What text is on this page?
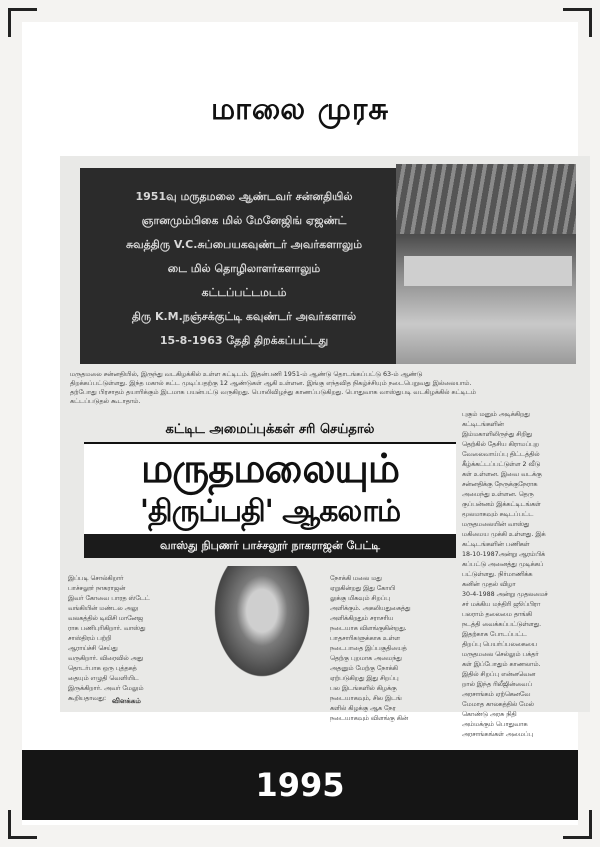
மாலை முரசு
1951வு மருதமலை ஆண்டவர் சன்னதியில்
ஞானமும்பிகை மில் மேனேஜிங் ஏஜண்ட்
சுவத்திரு V.C.சுப்பையகவுண்டர் அவர்களாலும்
டை மில் தொழிலாளர்களாலும்
கட்டப்பட்டமடம்
திரு K.M.நஞ்சக்குட்டி கவுண்டர் அவர்களால்
15-8-1963 தேதி திறக்கப்பட்டது
மருதமலை சன்னதியில், இருந்து வடகிழக்கில் உள்ள கட்டிடம். இதன்பணி 1951-ம் ஆண்டு தொடங்கப்பட்டு 63-ம் ஆண்டு திறக்கப்பட்டுள்ளது. இந்த மகால் கட்ட முடிப்பதற்கு 12 ஆண்டுகள் ஆகி உள்ளன. இங்கு எந்தவித நிகழ்ச்சியும் நடைபெறுவது இல்லையாம். தற்போது பிரசாதம் தயாரிக்கும் இடமாக பயன்பட்டு வருகிறது. பொலிவிழந்து காணப்படுகிறது. பொதுவாக வாஸ்துபடி வடகிழக்கில் கட்டிடம் கட்டப்படுதல் கூடாதாம்.
கட்டிட அமைப்புக்கள் சரி செய்தால்
மருதமலையும்
'திருப்பதி' ஆகலாம்
வாஸ்து நிபுணர் பாச்சலூர் நாகராஜன் பேட்டி
இப்படி சொல்கிறார்
பாச்சலூர் நாகராஜன்
இவர் கோவை பாரத ஸ்டேட்
வங்கியின் மண்டல அலு
வலகத்தில் டிவிசி மானேஜ
ராக பணிபுரிகிறார். வாஸ்து
சாஸ்திரம் பற்றி
ஆராய்ச்சி செய்து
வருகிறார். விரைவில் அது
தொடர்பாக ஒரு புத்தகத்
தையும் எழுதி வெளியிட
இருக்கிறார். அவர் மேலும்
கூறியதாவது: விளக்கம்
நோக்கி மலை மது
ஏறுகின்றது இது கோயி
லுக்கு மிகவும் சிறப்பு
அளிக்கும். அகலியதுகைத்து
அளிக்கிறதும் சராசரிய
நடையாக விளங்குகின்றது.
பாதசாரிகளுக்காக உள்ள
நடைபாதை இப்பகுதியைத்
தெற்கு புறமாக அமைந்து
அதனும் மேற்கு நோக்கி
ஏற்படுகிறது இது சிறப்பு
பல இடங்களில் கிழக்கு
நடையாகவும், சில இடங்
களில் கிழக்கு ஆக நேர
நடையாகவும் விளங்கு கின்
புகும் மனும் அடிக்கிறது
கட்டிடங்களின்
இம்மகாளிலிருந்து சிறிது
தெற்கில் தேசிய கிராமப்புற
வேலைவாய்ப்பு திட்டத்தில்
கீழ்க்கட்டப்பட்டுள்ள 2 வீடு
கள் உள்ளன. இவை வடக்கு
சன்னதிக்கு நேருக்குநேராக
அமைந்து உள்ளன. தெரு
குப்பன்னம் இக்கட்டிடங்கள்
மூலமாகவும் சுடிடப்பட்ட
மருதமலையின் வாஸ்து
மகிமைய முக்கி உள்ளது. இக்
கட்டிடங்களின் பணிகள்
18-10-1987அன்று ஆரம்பிக்
கப்பட்டு அனைத்து முடிக்கப்
பட்டுள்ளது. நிர்மாணிக்க
கனின் முதல் விழா
30-4-1988 அன்று முதலமைச்
சர் மக்கிய மந்திரி ஜூப்பிரா
பலராம் தலைமை தாங்கி
நடத்தி வைக்கப்பட்டுள்ளது.
இதற்காக போடப்பட்ட
திறப்பு பெயர்ப்பலகையை
மருதமலை செல்லும் பக்தர்
கள் இப்போதும் காணலாம்.
இதில் சிறப்பு என்னவென
றால் இந்த ரிலீஜின்வைப்
அரசாங்கம் ஏற்கெனவே
மேமாத காலகத்தில் மேல்
கொண்டு அரசு நிதி
அம்மக்கும் பொதுவாக
அரசாங்கங்கள் அமைப்பு
1995
